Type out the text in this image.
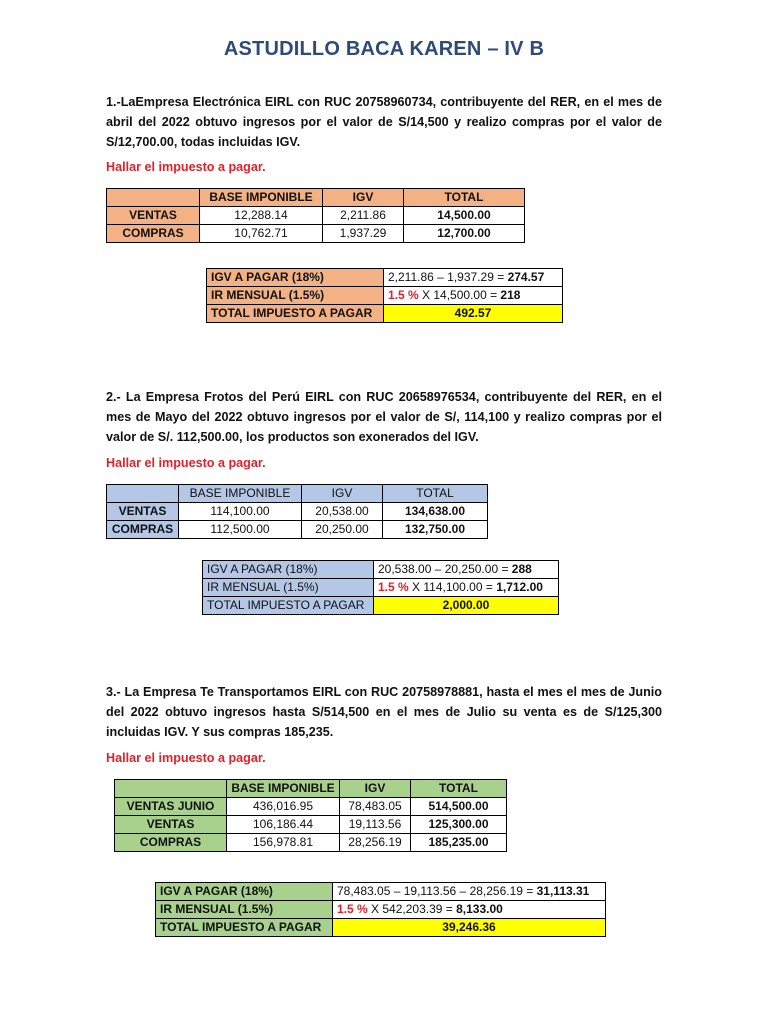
ASTUDILLO BACA KAREN – IV B
1.-LaEmpresa Electrónica EIRL con RUC 20758960734, contribuyente del RER, en el mes de abril del 2022 obtuvo ingresos por el valor de S/14,500 y realizo compras por el valor de S/12,700.00, todas incluidas IGV.
Hallar el impuesto a pagar.
	BASE IMPONIBLE	IGV	TOTAL
VENTAS	12,288.14	2,211.86	14,500.00
COMPRAS	10,762.71	1,937.29	12,700.00
IGV A PAGAR (18%)	2,211.86 – 1,937.29 = 274.57
IR MENSUAL (1.5%)	1.5 % X 14,500.00 = 218
TOTAL IMPUESTO A PAGAR	492.57
2.- La Empresa Frotos del Perú EIRL con RUC 20658976534, contribuyente del RER, en el mes de Mayo del 2022 obtuvo ingresos por el valor de S/, 114,100 y realizo compras por el valor de S/. 112,500.00, los productos son exonerados del IGV.
Hallar el impuesto a pagar.
	BASE IMPONIBLE	IGV	TOTAL
VENTAS	114,100.00	20,538.00	134,638.00
COMPRAS	112,500.00	20,250.00	132,750.00
IGV A PAGAR (18%)	20,538.00 – 20,250.00 = 288
IR MENSUAL (1.5%)	1.5 % X 114,100.00 = 1,712.00
TOTAL IMPUESTO A PAGAR	2,000.00
3.- La Empresa Te Transportamos EIRL con RUC 20758978881, hasta el mes el mes de Junio del 2022 obtuvo ingresos hasta S/514,500 en el mes de Julio su venta es de S/125,300 incluidas IGV. Y sus compras 185,235.
Hallar el impuesto a pagar.
	BASE IMPONIBLE	IGV	TOTAL
VENTAS JUNIO	436,016.95	78,483.05	514,500.00
VENTAS	106,186.44	19,113.56	125,300.00
COMPRAS	156,978.81	28,256.19	185,235.00
IGV A PAGAR (18%)	78,483.05 – 19,113.56 – 28,256.19 = 31,113.31
IR MENSUAL (1.5%)	1.5 % X 542,203.39 = 8,133.00
TOTAL IMPUESTO A PAGAR	39,246.36
